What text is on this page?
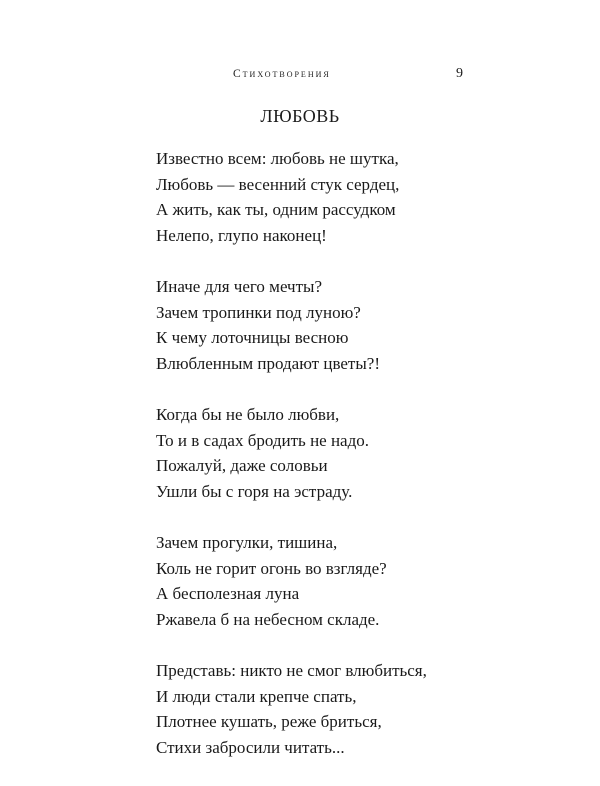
Стихотворения	9
ЛЮБОВЬ
Известно всем: любовь не шутка,
Любовь — весенний стук сердец,
А жить, как ты, одним рассудком
Нелепо, глупо наконец!
Иначе для чего мечты?
Зачем тропинки под луною?
К чему лоточницы весною
Влюбленным продают цветы?!
Когда бы не было любви,
То и в садах бродить не надо.
Пожалуй, даже соловьи
Ушли бы с горя на эстраду.
Зачем прогулки, тишина,
Коль не горит огонь во взгляде?
А бесполезная луна
Ржавела б на небесном складе.
Представь: никто не смог влюбиться,
И люди стали крепче спать,
Плотнее кушать, реже бриться,
Стихи забросили читать...
